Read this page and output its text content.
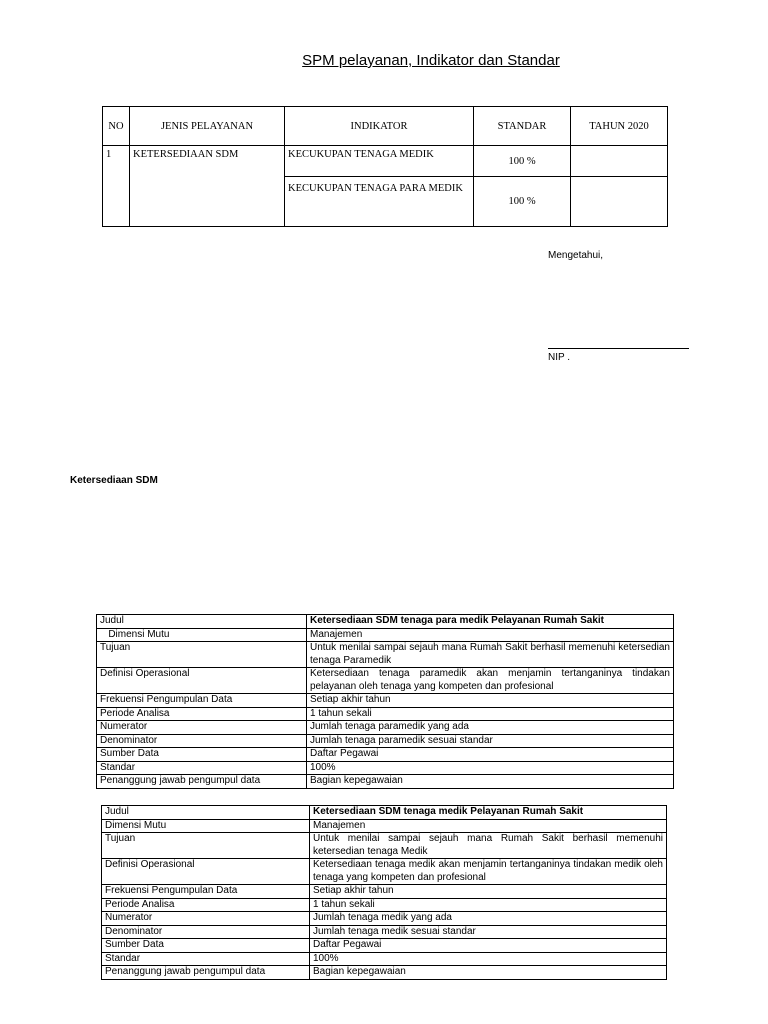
SPM pelayanan, Indikator dan Standar
NO	JENIS PELAYANAN	INDIKATOR	STANDAR	TAHUN 2020
1	KETERSEDIAAN SDM	KECUKUPAN TENAGA MEDIK	100 %	
		KECUKUPAN TENAGA PARA MEDIK	100 %	
Mengetahui,
NIP .
Ketersediaan SDM
Judul	Ketersediaan SDM tenaga para medik Pelayanan Rumah Sakit
Dimensi Mutu	Manajemen
Tujuan	Untuk menilai sampai sejauh mana Rumah Sakit berhasil memenuhi ketersedian tenaga Paramedik
Definisi Operasional	Ketersediaan tenaga paramedik akan menjamin tertanganinya tindakan pelayanan oleh tenaga yang kompeten dan profesional
Frekuensi Pengumpulan Data	Setiap akhir tahun
Periode Analisa	1 tahun sekali
Numerator	Jumlah tenaga paramedik yang ada
Denominator	Jumlah tenaga paramedik sesuai standar
Sumber Data	Daftar Pegawai
Standar	100%
Penanggung jawab pengumpul data	Bagian kepegawaian
Judul	Ketersediaan SDM tenaga medik Pelayanan Rumah Sakit
Dimensi Mutu	Manajemen
Tujuan	Untuk menilai sampai sejauh mana Rumah Sakit berhasil memenuhi ketersedian tenaga Medik
Definisi Operasional	Ketersediaan tenaga medik akan menjamin tertanganinya tindakan medik oleh tenaga yang kompeten dan profesional
Frekuensi Pengumpulan Data	Setiap akhir tahun
Periode Analisa	1 tahun sekali
Numerator	Jumlah tenaga medik yang ada
Denominator	Jumlah tenaga medik sesuai standar
Sumber Data	Daftar Pegawai
Standar	100%
Penanggung jawab pengumpul data	Bagian kepegawaian
